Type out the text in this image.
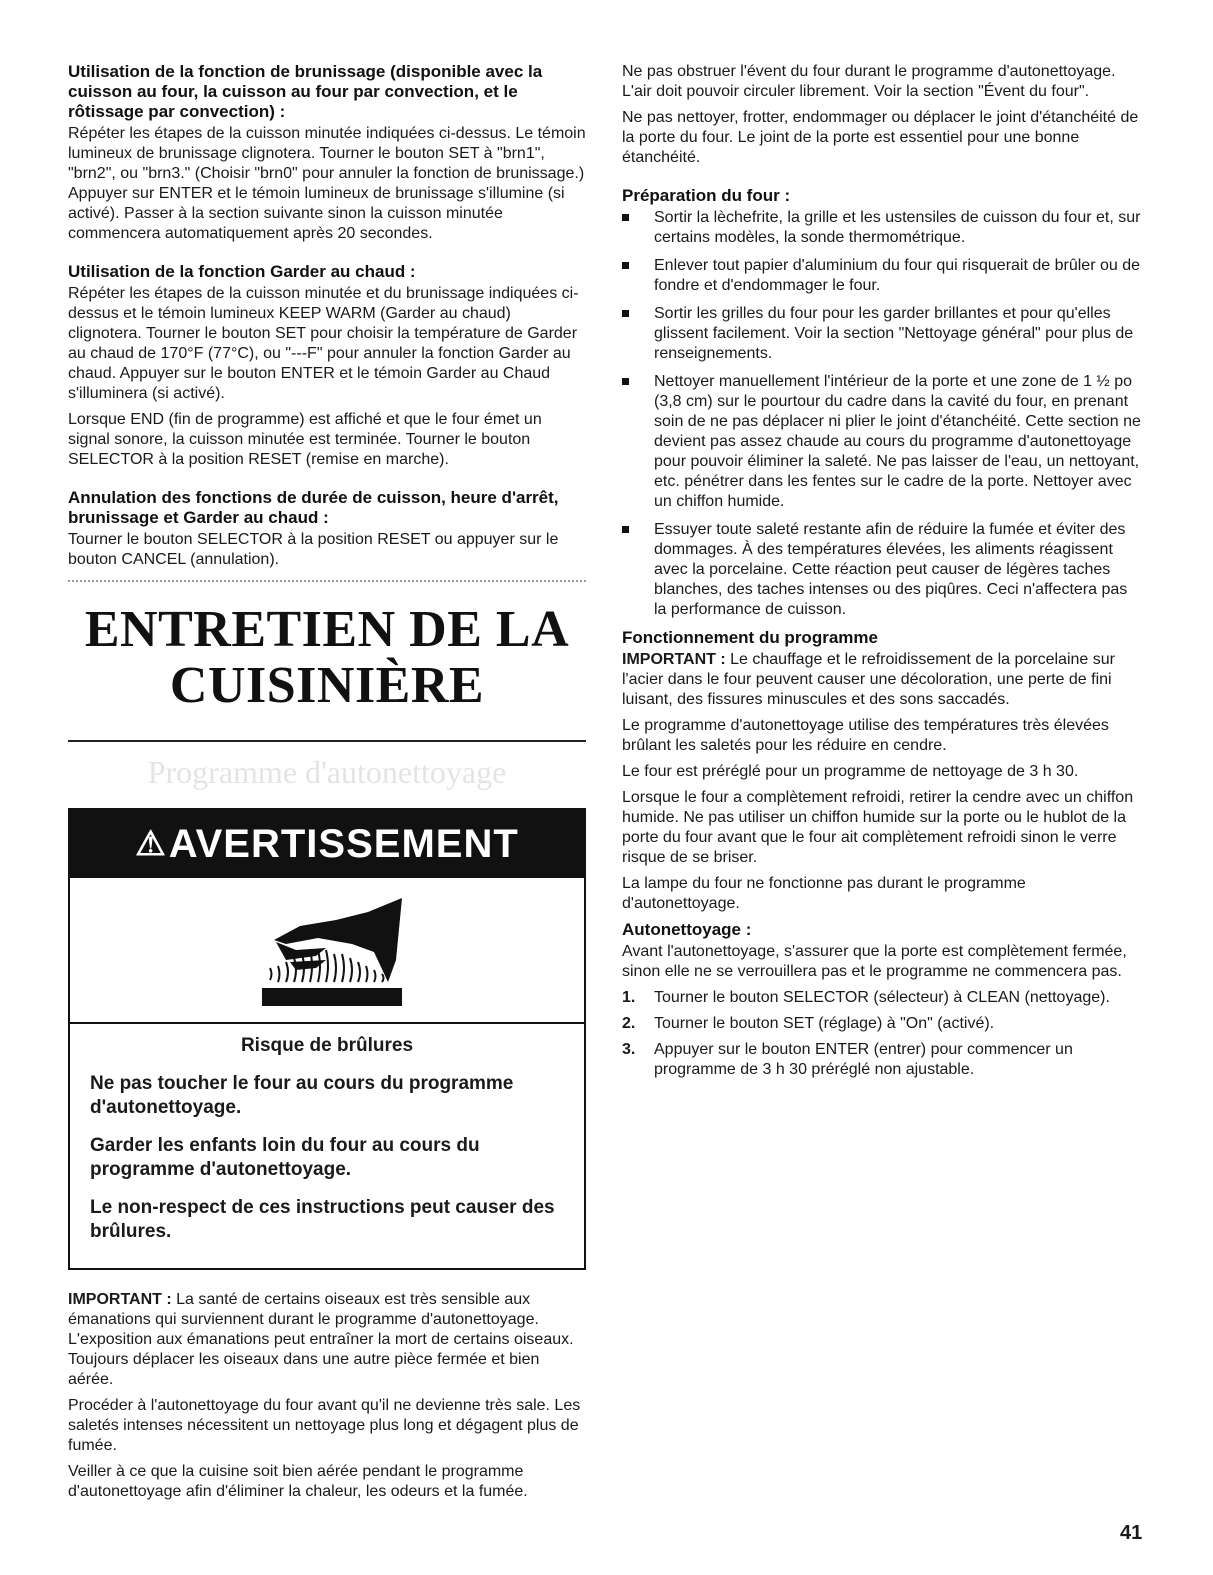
Utilisation de la fonction de brunissage (disponible avec la cuisson au four, la cuisson au four par convection, et le rôtissage par convection) :
Répéter les étapes de la cuisson minutée indiquées ci-dessus. Le témoin lumineux de brunissage clignotera. Tourner le bouton SET à "brn1", "brn2", ou "brn3." (Choisir "brn0" pour annuler la fonction de brunissage.) Appuyer sur ENTER et le témoin lumineux de brunissage s'illumine (si activé). Passer à la section suivante sinon la cuisson minutée commencera automatiquement après 20 secondes.
Utilisation de la fonction Garder au chaud :
Répéter les étapes de la cuisson minutée et du brunissage indiquées ci-dessus et le témoin lumineux KEEP WARM (Garder au chaud) clignotera. Tourner le bouton SET pour choisir la température de Garder au chaud de 170°F (77°C), ou "---F" pour annuler la fonction Garder au chaud. Appuyer sur le bouton ENTER et le témoin Garder au Chaud s'illuminera (si activé).
Lorsque END (fin de programme) est affiché et que le four émet un signal sonore, la cuisson minutée est terminée. Tourner le bouton SELECTOR à la position RESET (remise en marche).
Annulation des fonctions de durée de cuisson, heure d'arrêt, brunissage et Garder au chaud :
Tourner le bouton SELECTOR à la position RESET ou appuyer sur le bouton CANCEL (annulation).
ENTRETIEN DE LA
CUISINIÈRE
Programme d'autonettoyage
⚠AVERTISSEMENT
Risque de brûlures
Ne pas toucher le four au cours du programme d'autonettoyage.
Garder les enfants loin du four au cours du programme d'autonettoyage.
Le non-respect de ces instructions peut causer des brûlures.
IMPORTANT : La santé de certains oiseaux est très sensible aux émanations qui surviennent durant le programme d'autonettoyage. L'exposition aux émanations peut entraîner la mort de certains oiseaux. Toujours déplacer les oiseaux dans une autre pièce fermée et bien aérée.
Procéder à l'autonettoyage du four avant qu'il ne devienne très sale. Les saletés intenses nécessitent un nettoyage plus long et dégagent plus de fumée.
Veiller à ce que la cuisine soit bien aérée pendant le programme d'autonettoyage afin d'éliminer la chaleur, les odeurs et la fumée.
Ne pas obstruer l'évent du four durant le programme d'autonettoyage. L'air doit pouvoir circuler librement. Voir la section "Évent du four".
Ne pas nettoyer, frotter, endommager ou déplacer le joint d'étanchéité de la porte du four. Le joint de la porte est essentiel pour une bonne étanchéité.
Préparation du four :
Sortir la lèchefrite, la grille et les ustensiles de cuisson du four et, sur certains modèles, la sonde thermométrique.
Enlever tout papier d'aluminium du four qui risquerait de brûler ou de fondre et d'endommager le four.
Sortir les grilles du four pour les garder brillantes et pour qu'elles glissent facilement. Voir la section "Nettoyage général" pour plus de renseignements.
Nettoyer manuellement l'intérieur de la porte et une zone de 1 ½ po (3,8 cm) sur le pourtour du cadre dans la cavité du four, en prenant soin de ne pas déplacer ni plier le joint d'étanchéité. Cette section ne devient pas assez chaude au cours du programme d'autonettoyage pour pouvoir éliminer la saleté. Ne pas laisser de l'eau, un nettoyant, etc. pénétrer dans les fentes sur le cadre de la porte. Nettoyer avec un chiffon humide.
Essuyer toute saleté restante afin de réduire la fumée et éviter des dommages. À des températures élevées, les aliments réagissent avec la porcelaine. Cette réaction peut causer de légères taches blanches, des taches intenses ou des piqûres. Ceci n'affectera pas la performance de cuisson.
Fonctionnement du programme
IMPORTANT : Le chauffage et le refroidissement de la porcelaine sur l'acier dans le four peuvent causer une décoloration, une perte de fini luisant, des fissures minuscules et des sons saccadés.
Le programme d'autonettoyage utilise des températures très élevées brûlant les saletés pour les réduire en cendre.
Le four est préréglé pour un programme de nettoyage de 3 h 30.
Lorsque le four a complètement refroidi, retirer la cendre avec un chiffon humide. Ne pas utiliser un chiffon humide sur la porte ou le hublot de la porte du four avant que le four ait complètement refroidi sinon le verre risque de se briser.
La lampe du four ne fonctionne pas durant le programme d'autonettoyage.
Autonettoyage :
Avant l'autonettoyage, s'assurer que la porte est complètement fermée, sinon elle ne se verrouillera pas et le programme ne commencera pas.
1. Tourner le bouton SELECTOR (sélecteur) à CLEAN (nettoyage).
2. Tourner le bouton SET (réglage) à "On" (activé).
3. Appuyer sur le bouton ENTER (entrer) pour commencer un programme de 3 h 30 préréglé non ajustable.
41
